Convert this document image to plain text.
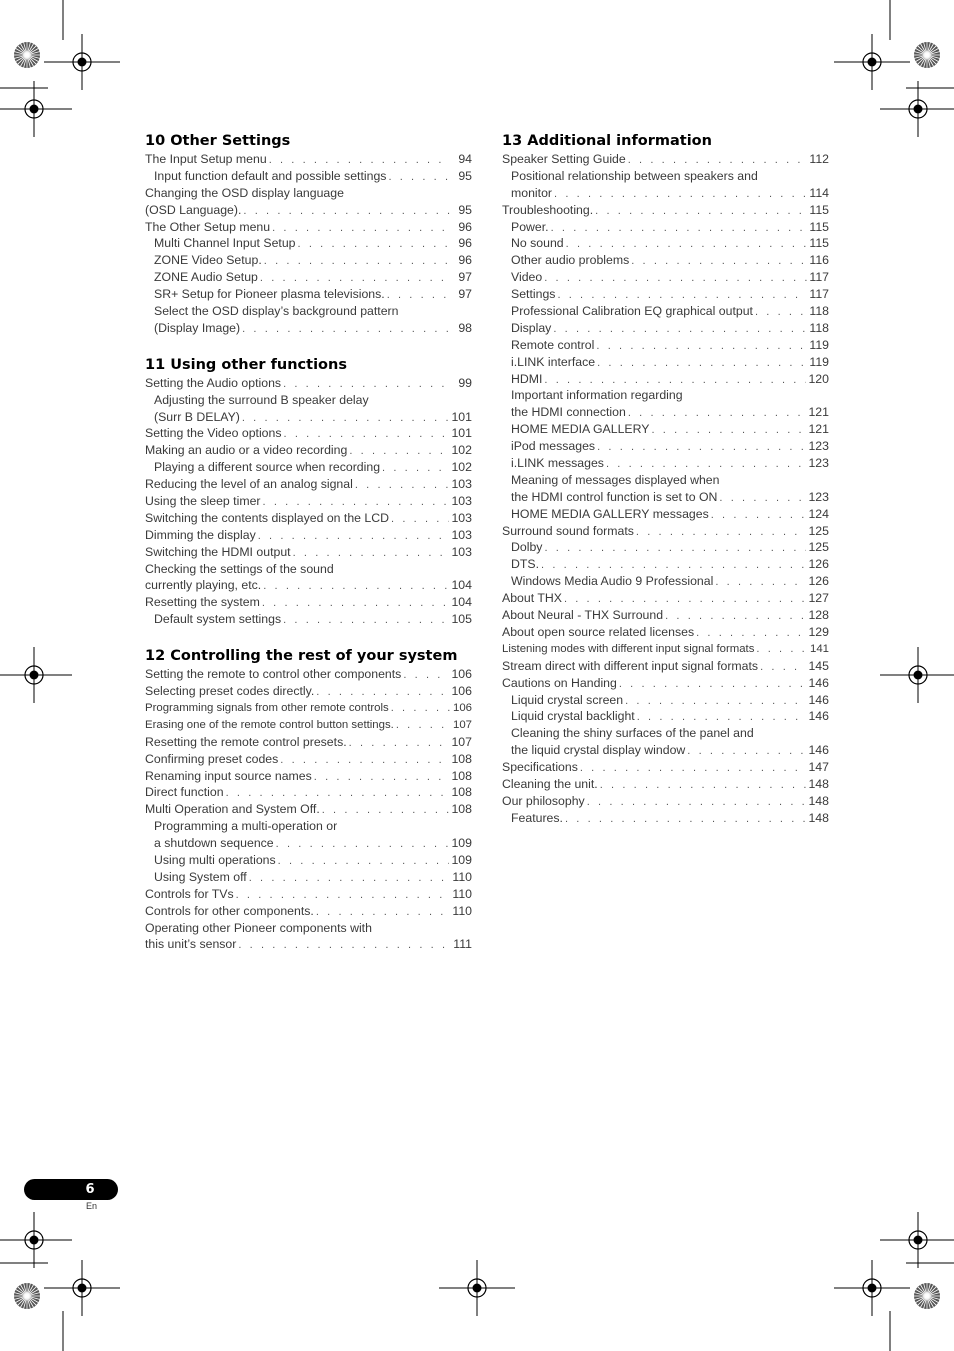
10 Other Settings
The Input Setup menu . . .	94
Input function default and possible settings . . .	95
Changing the OSD display language
(OSD Language). . . .	95
The Other Setup menu . . .	96
Multi Channel Input Setup . . .	96
ZONE Video Setup. . . .	96
ZONE Audio Setup . . .	97
SR+ Setup for Pioneer plasma televisions. . . .	97
Select the OSD display’s background pattern
(Display Image) . . .	98
11 Using other functions
Setting the Audio options . . .	99
Adjusting the surround B speaker delay
(Surr B DELAY) . . .	101
Setting the Video options . . .	101
Making an audio or a video recording . . .	102
Playing a different source when recording . . .	102
Reducing the level of an analog signal . . .	103
Using the sleep timer . . .	103
Switching the contents displayed on the LCD . . .	103
Dimming the display . . .	103
Switching the HDMI output . . .	103
Checking the settings of the sound
currently playing, etc. . . .	104
Resetting the system . . .	104
Default system settings . . .	105
12 Controlling the rest of your system
Setting the remote to control other components . . .	106
Selecting preset codes directly. . . .	106
Programming signals from other remote controls . . .	106
Erasing one of the remote control button settings. . . .	107
Resetting the remote control presets. . . .	107
Confirming preset codes . . .	108
Renaming input source names . . .	108
Direct function . . .	108
Multi Operation and System Off. . . .	108
Programming a multi-operation or
a shutdown sequence . . .	109
Using multi operations . . .	109
Using System off . . .	110
Controls for TVs . . .	110
Controls for other components. . . .	110
Operating other Pioneer components with
this unit’s sensor . . .	111
13 Additional information
Speaker Setting Guide . . .	112
Positional relationship between speakers and
monitor . . .	114
Troubleshooting. . . .	115
Power. . . .	115
No sound . . .	115
Other audio problems . . .	116
Video . . .	117
Settings . . .	117
Professional Calibration EQ graphical output . . .	118
Display . . .	118
Remote control . . .	119
i.LINK interface . . .	119
HDMI . . .	120
Important information regarding
the HDMI connection . . .	121
HOME MEDIA GALLERY . . .	121
iPod messages . . .	123
i.LINK messages . . .	123
Meaning of messages displayed when
the HDMI control function is set to ON . . .	123
HOME MEDIA GALLERY messages . . .	124
Surround sound formats . . .	125
Dolby . . .	125
DTS. . . .	126
Windows Media Audio 9 Professional . . .	126
About THX . . .	127
About Neural - THX Surround . . .	128
About open source related licenses . . .	129
Listening modes with different input signal formats . . .	141
Stream direct with different input signal formats . . .	145
Cautions on Handing . . .	146
Liquid crystal screen . . .	146
Liquid crystal backlight . . .	146
Cleaning the shiny surfaces of the panel and
the liquid crystal display window . . .	146
Specifications . . .	147
Cleaning the unit. . . .	148
Our philosophy . . .	148
Features. . . .	148
6
En
